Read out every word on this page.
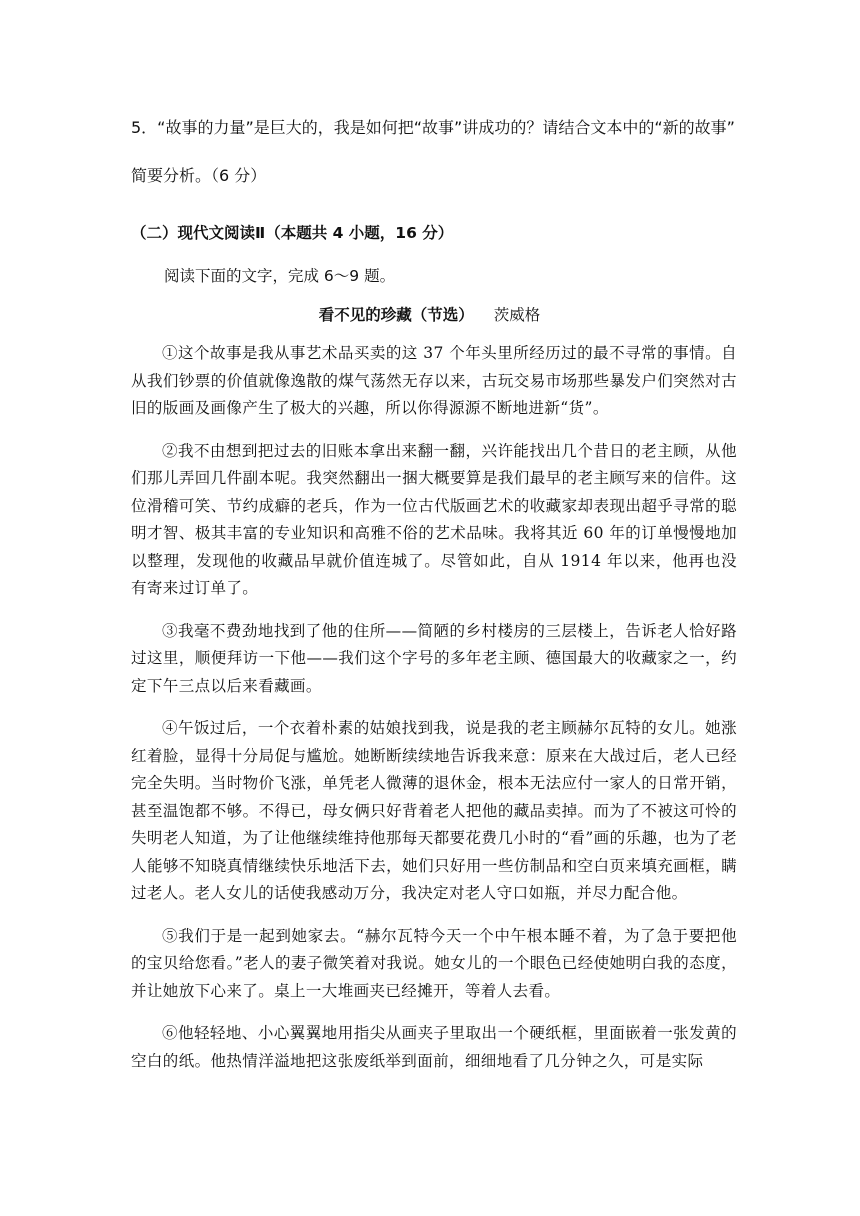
5．“故事的力量”是巨大的，我是如何把“故事”讲成功的？请结合文本中的“新的故事”

简要分析。（6 分）

（二）现代文阅读Ⅱ（本题共 4 小题，16 分）
阅读下面的文字，完成 6～9 题。
看不见的珍藏（节选） 茨威格

①这个故事是我从事艺术品买卖的这 37 个年头里所经历过的最不寻常的事情。自从我们钞票的价值就像逸散的煤气荡然无存以来，古玩交易市场那些暴发户们突然对古旧的版画及画像产生了极大的兴趣，所以你得源源不断地进新“货”。

②我不由想到把过去的旧账本拿出来翻一翻，兴许能找出几个昔日的老主顾，从他们那儿弄回几件副本呢。我突然翻出一捆大概要算是我们最早的老主顾写来的信件。这位滑稽可笑、节约成癖的老兵，作为一位古代版画艺术的收藏家却表现出超乎寻常的聪明才智、极其丰富的专业知识和高雅不俗的艺术品味。我将其近 60 年的订单慢慢地加以整理，发现他的收藏品早就价值连城了。尽管如此，自从 1914 年以来，他再也没有寄来过订单了。

③我毫不费劲地找到了他的住所——简陋的乡村楼房的三层楼上，告诉老人恰好路过这里，顺便拜访一下他——我们这个字号的多年老主顾、德国最大的收藏家之一，约定下午三点以后来看藏画。

④午饭过后，一个衣着朴素的姑娘找到我，说是我的老主顾赫尔瓦特的女儿。她涨红着脸，显得十分局促与尴尬。她断断续续地告诉我来意：原来在大战过后，老人已经完全失明。当时物价飞涨，单凭老人微薄的退休金，根本无法应付一家人的日常开销，甚至温饱都不够。不得已，母女俩只好背着老人把他的藏品卖掉。而为了不被这可怜的失明老人知道，为了让他继续维持他那每天都要花费几小时的“看”画的乐趣，也为了老人能够不知晓真情继续快乐地活下去，她们只好用一些仿制品和空白页来填充画框，瞒过老人。老人女儿的话使我感动万分，我决定对老人守口如瓶，并尽力配合他。

⑤我们于是一起到她家去。“赫尔瓦特今天一个中午根本睡不着，为了急于要把他的宝贝给您看。”老人的妻子微笑着对我说。她女儿的一个眼色已经使她明白我的态度，并让她放下心来了。桌上一大堆画夹已经摊开，等着人去看。

⑥他轻轻地、小心翼翼地用指尖从画夹子里取出一个硬纸框，里面嵌着一张发黄的空白的纸。他热情洋溢地把这张废纸举到面前，细细地看了几分钟之久，可是实际
